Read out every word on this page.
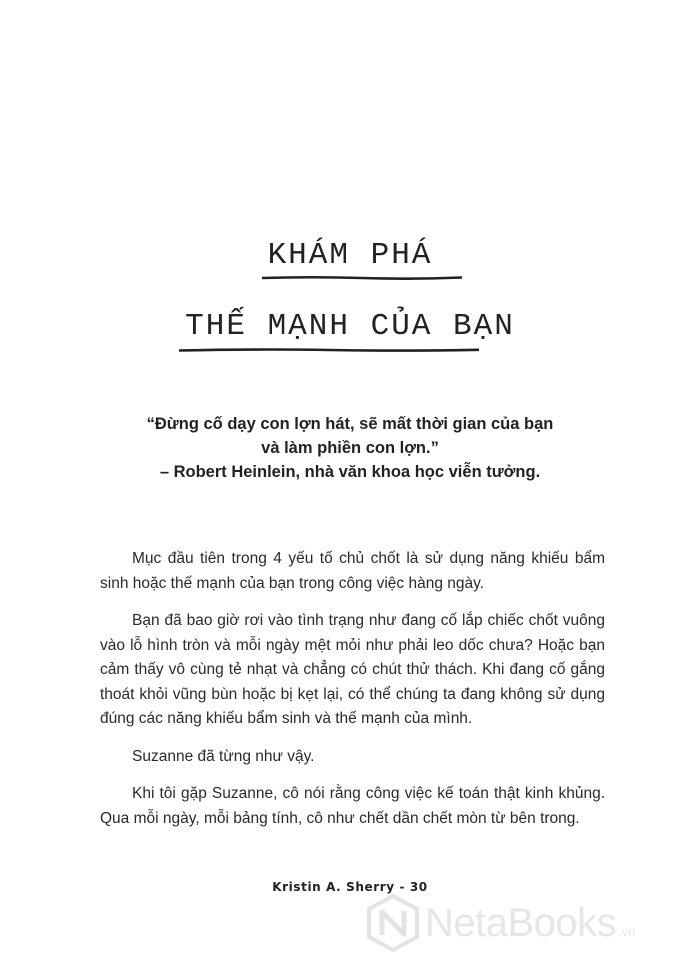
KHÁM PHÁ
THẾ MẠNH CỦA BẠN
“Đừng cố dạy con lợn hát, sẽ mất thời gian của bạn
và làm phiền con lợn.”
– Robert Heinlein, nhà văn khoa học viễn tưởng.

Mục đầu tiên trong 4 yếu tố chủ chốt là sử dụng năng khiếu bẩm sinh hoặc thế mạnh của bạn trong công việc hàng ngày.

Bạn đã bao giờ rơi vào tình trạng như đang cố lắp chiếc chốt vuông vào lỗ hình tròn và mỗi ngày mệt mỏi như phải leo dốc chưa? Hoặc bạn cảm thấy vô cùng tẻ nhạt và chẳng có chút thử thách. Khi đang cố gắng thoát khỏi vũng bùn hoặc bị kẹt lại, có thể chúng ta đang không sử dụng đúng các năng khiếu bẩm sinh và thế mạnh của mình.

Suzanne đã từng như vậy.

Khi tôi gặp Suzanne, cô nói rằng công việc kế toán thật kinh khủng. Qua mỗi ngày, mỗi bảng tính, cô như chết dần chết mòn từ bên trong.

Kristin A. Sherry - 30
NetaBooks .vn
